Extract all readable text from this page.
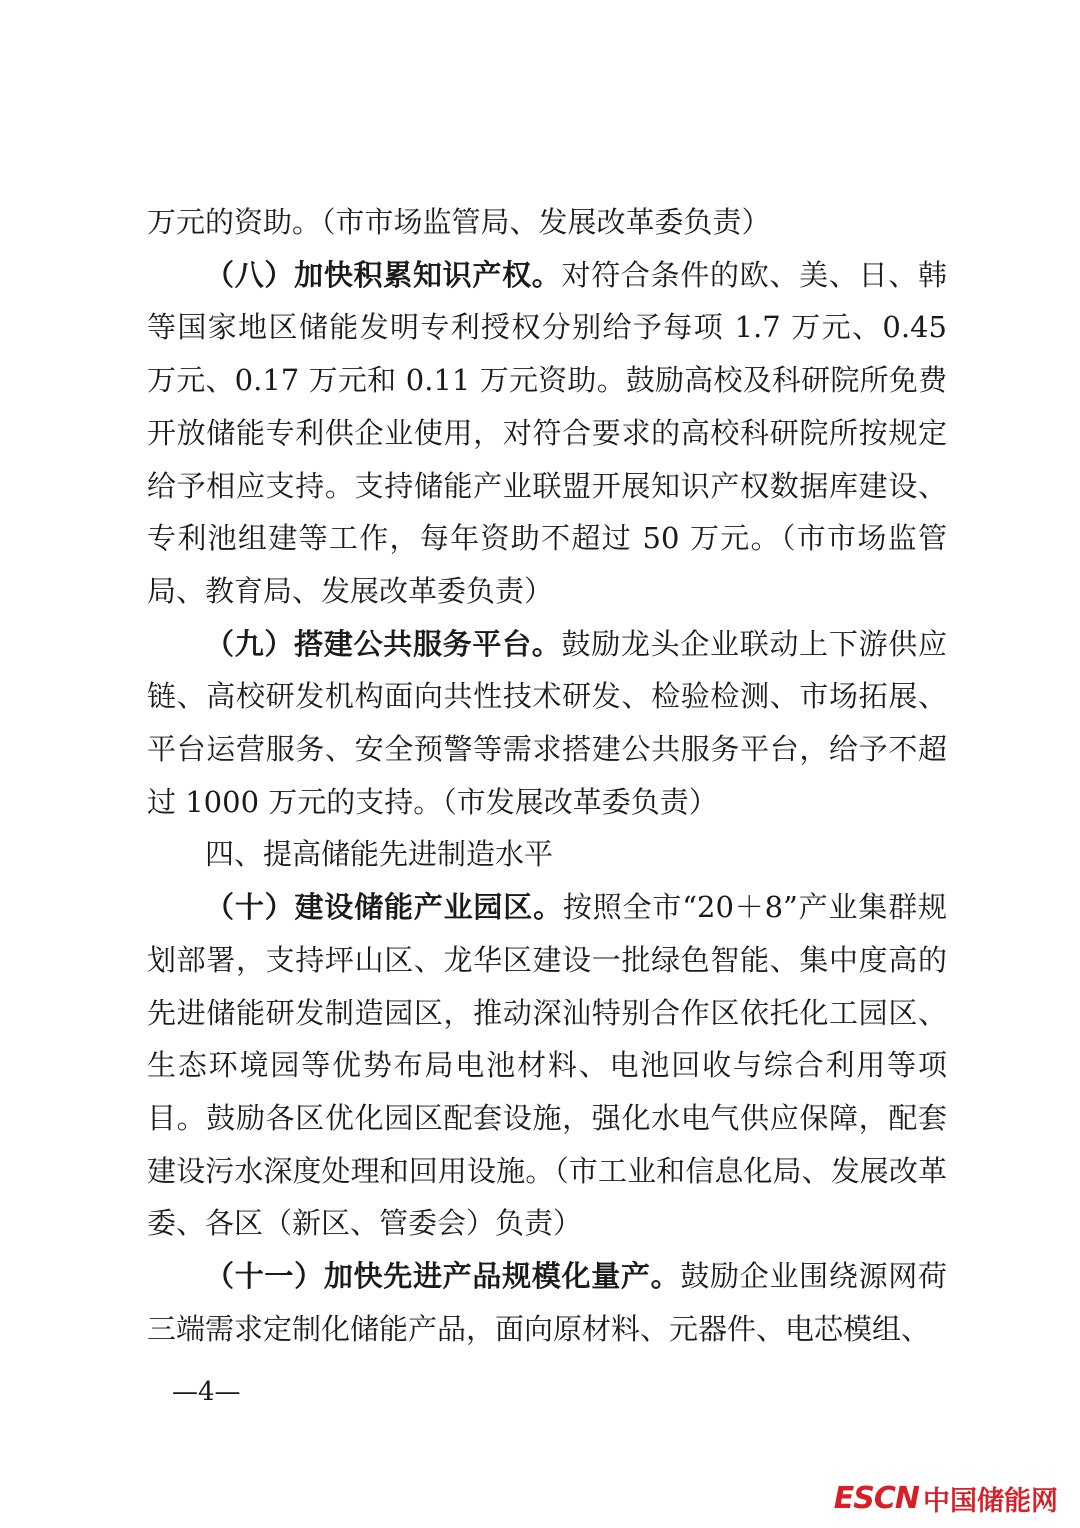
万元的资助。（市市场监管局、发展改革委负责）

（八）加快积累知识产权。对符合条件的欧、美、日、韩等国家地区储能发明专利授权分别给予每项 1.7 万元、0.45 万元、0.17 万元和 0.11 万元资助。鼓励高校及科研院所免费开放储能专利供企业使用，对符合要求的高校科研院所按规定给予相应支持。支持储能产业联盟开展知识产权数据库建设、专利池组建等工作，每年资助不超过 50 万元。（市市场监管局、教育局、发展改革委负责）

（九）搭建公共服务平台。鼓励龙头企业联动上下游供应链、高校研发机构面向共性技术研发、检验检测、市场拓展、平台运营服务、安全预警等需求搭建公共服务平台，给予不超过 1000 万元的支持。（市发展改革委负责）

四、提高储能先进制造水平

（十）建设储能产业园区。按照全市“20＋8”产业集群规划部署，支持坪山区、龙华区建设一批绿色智能、集中度高的先进储能研发制造园区，推动深汕特别合作区依托化工园区、生态环境园等优势布局电池材料、电池回收与综合利用等项目。鼓励各区优化园区配套设施，强化水电气供应保障，配套建设污水深度处理和回用设施。（市工业和信息化局、发展改革委、各区（新区、管委会）负责）

（十一）加快先进产品规模化量产。鼓励企业围绕源网荷三端需求定制化储能产品，面向原材料、元器件、电芯模组、

—4—
ESCN 中国储能网
